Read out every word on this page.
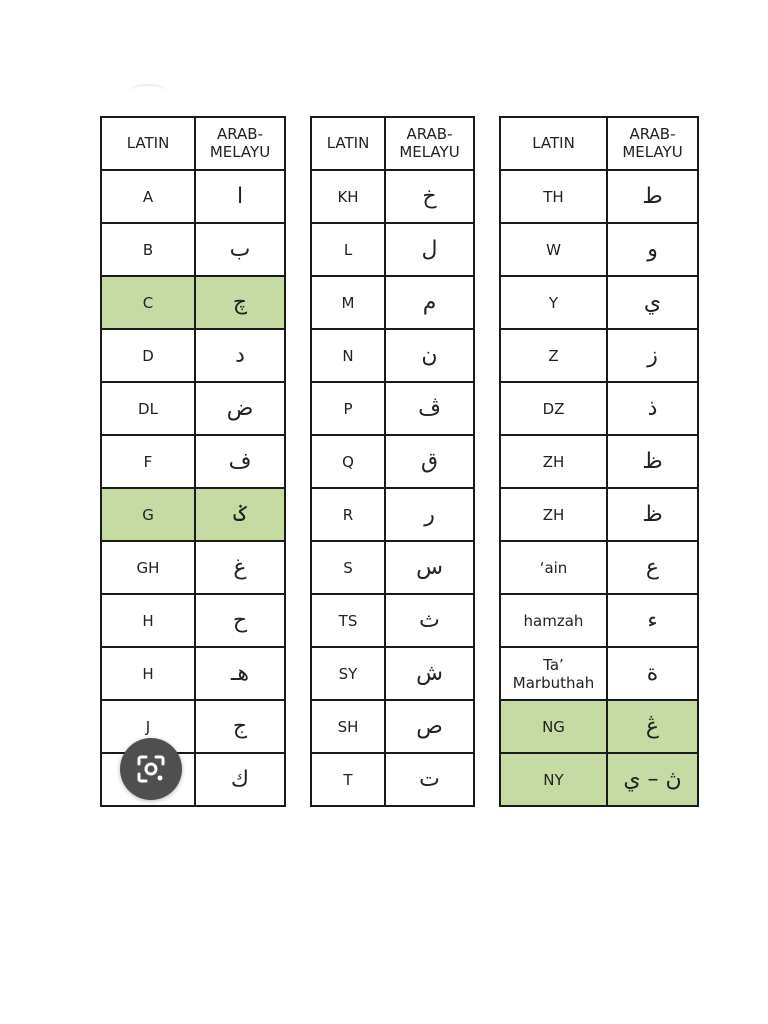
LATIN	ARAB-
MELAYU
A	ا
B	ب
C	چ
D	د
DL	ض
F	ف
G	ݢ
GH	غ
H	ح
H	هـ
J	ج
	ك
LATIN	ARAB-
MELAYU
KH	خ
L	ل
M	م
N	ن
P	ڤ
Q	ق
R	ر
S	س
TS	ث
SY	ش
SH	ص
T	ت
LATIN	ARAB-
MELAYU
TH	ط
W	و
Y	ي
Z	ز
DZ	ذ
ZH	ظ
ZH	ظ
‘ain	ع
hamzah	ء
Ta’
Marbuthah	ة
NG	ڠ
NY	ڽ – ي
